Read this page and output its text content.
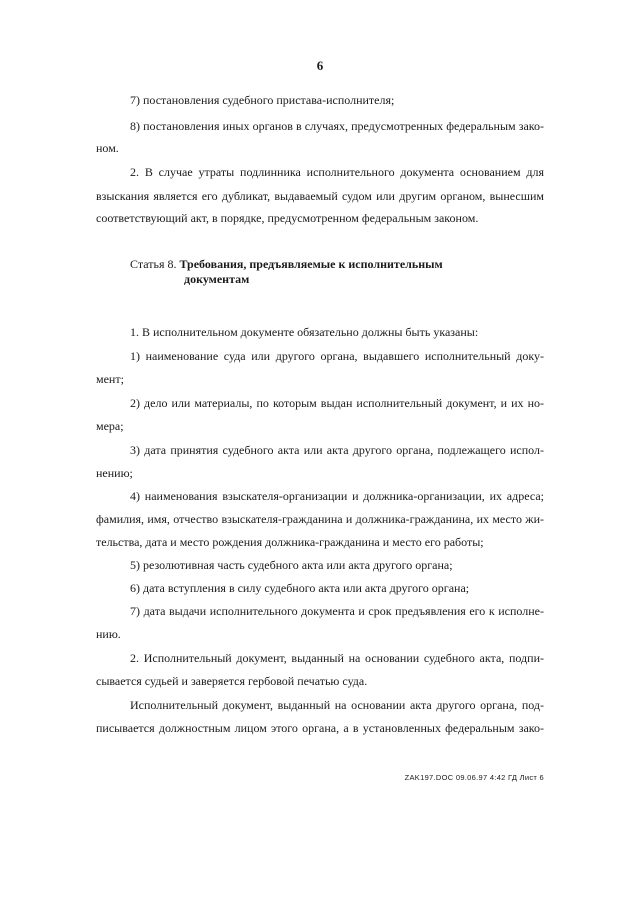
6
7) постановления судебного пристава-исполнителя;
8) постановления иных органов в случаях, предусмотренных федеральным зако-
ном.
2. В случае утраты подлинника исполнительного документа основанием для
взыскания является его дубликат, выдаваемый судом или другим органом, вынесшим
соответствующий акт, в порядке, предусмотренном федеральным законом.
Статья 8. Требования, предъявляемые к исполнительным
документам
1. В исполнительном документе обязательно должны быть указаны:
1) наименование суда или другого органа, выдавшего исполнительный доку-
мент;
2) дело или материалы, по которым выдан исполнительный документ, и их но-
мера;
3) дата принятия судебного акта или акта другого органа, подлежащего испол-
нению;
4) наименования взыскателя-организации и должника-организации, их адреса;
фамилия, имя, отчество взыскателя-гражданина и должника-гражданина, их место жи-
тельства, дата и место рождения должника-гражданина и место его работы;
5) резолютивная часть судебного акта или акта другого органа;
6) дата вступления в силу судебного акта или акта другого органа;
7) дата выдачи исполнительного документа и срок предъявления его к исполне-
нию.
2. Исполнительный документ, выданный на основании судебного акта, подпи-
сывается судьей и заверяется гербовой печатью суда.
Исполнительный документ, выданный на основании акта другого органа, под-
писывается должностным лицом этого органа, а в установленных федеральным зако-
ZAK197.DOC 09.06.97 4:42 ГД Лист 6
